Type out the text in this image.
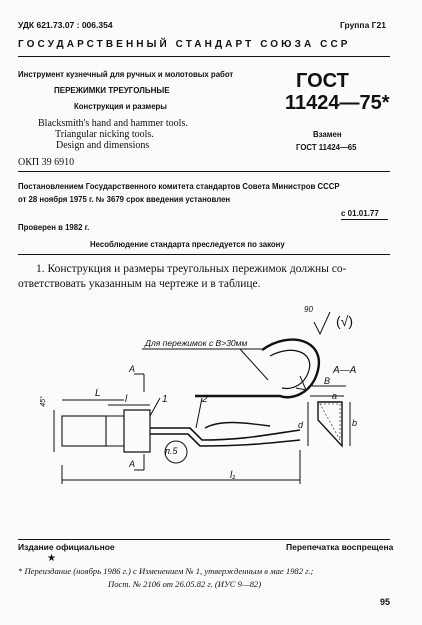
УДК 621.73.07 : 006.354	Группа Г21
ГОСУДАРСТВЕННЫЙ СТАНДАРТ СОЮЗА ССР
Инструмент кузнечный для ручных и молотовых работ
ПЕРЕЖИМКИ ТРЕУГОЛЬНЫЕ
Конструкция и размеры
Blacksmith's hand and hammer tools.
Triangular nicking tools.
Design and dimensions
ГОСТ
11424—75*
Взамен
ГОСТ 11424—65
ОКП 39 6910
Постановлением Государственного комитета стандартов Совета Министров СССР
от 28 ноября 1975 г. № 3679 срок введения установлен
с 01.01.77
Проверен в 1982 г.
Несоблюдение стандарта преследуется по закону
1. Конструкция и размеры треугольных пережимок должны со-
ответствовать указанным на чертеже и в таблице.
90
(√)
Для пережимок с B>30мм
А—А
А
А
L
l	1	2
п.5
l₁
B
a
b
d
45°
Издание официальное	Перепечатка воспрещена
★
* Переиздание (ноябрь 1986 г.) с Изменением № 1, утвержденным в мае 1982 г.;
Пост. № 2106 от 26.05.82 г. (ИУС 9—82)
95
